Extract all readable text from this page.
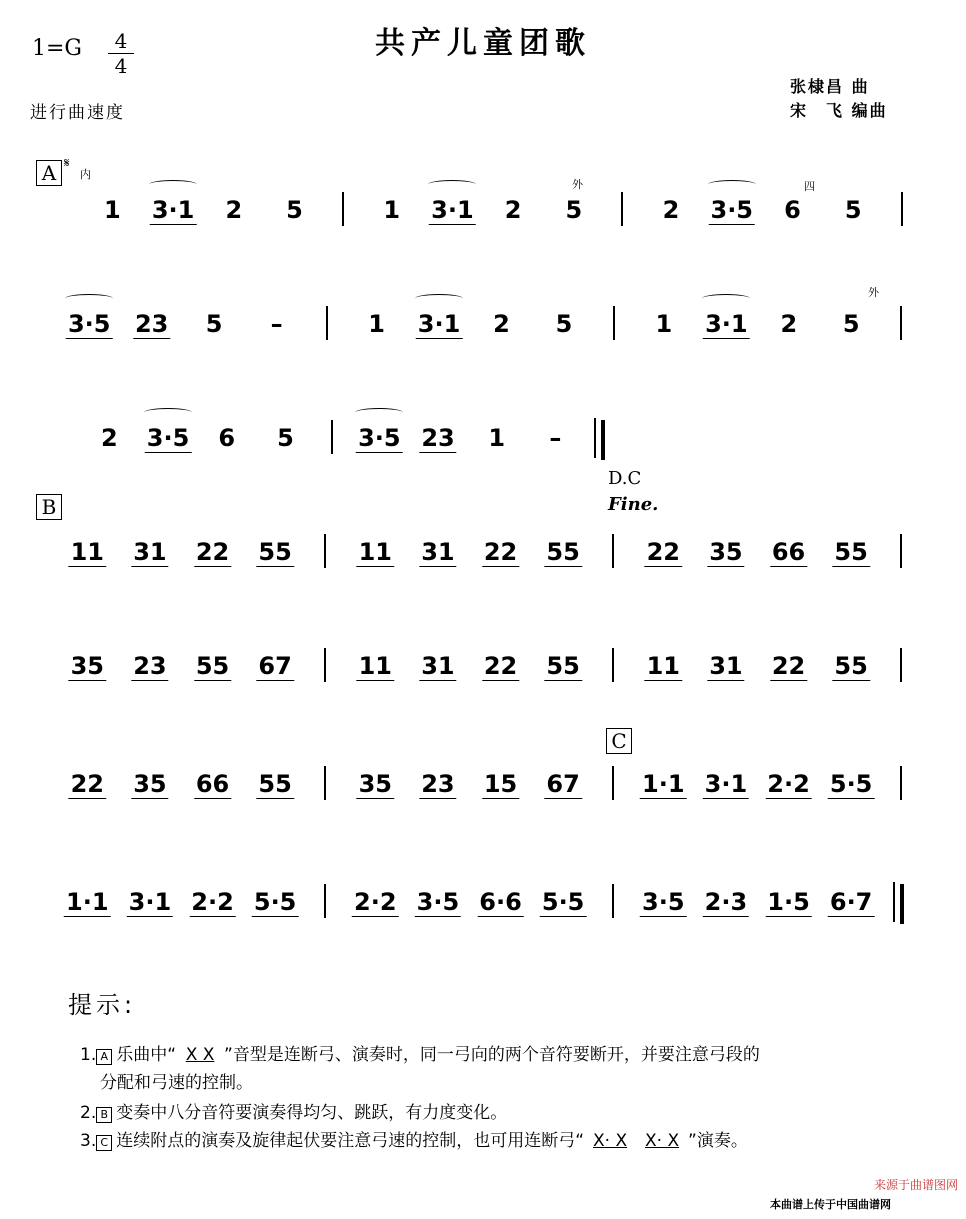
共产儿童团歌
1=G	4
4
进行曲速度
张棣昌 曲
宋　飞 编曲
A 𝄋
内
B
C
外	四
外
D.C
Fine.
1 3·1 2 5	1 3·1 2 5	2 3·5 6 5
3·5 23 5 –	1 3·1 2 5	1 3·1 2 5
2 3·5 6 5	3·5 23 1 –
11 31 22 55	11 31 22 55	22 35 66 55
35 23 55 67	11 31 22 55	11 31 22 55
22 35 66 55	35 23 15 67	1·1 3·1 2·2 5·5
1·1 3·1 2·2 5·5 2·2 3·5 6·6 5·5 3·5 2·3 1·5 6·7
提示:
1. A 乐曲中“ X X ”音型是连断弓、演奏时，同一弓向的两个音符要断开，并要注意弓段的
分配和弓速的控制。
2. B 变奏中八分音符要演奏得均匀、跳跃，有力度变化。
3. C 连续附点的演奏及旋律起伏要注意弓速的控制，也可用连断弓“ X· X X· X ”演奏。
来源于曲谱图网
本曲谱上传于中国曲谱网
